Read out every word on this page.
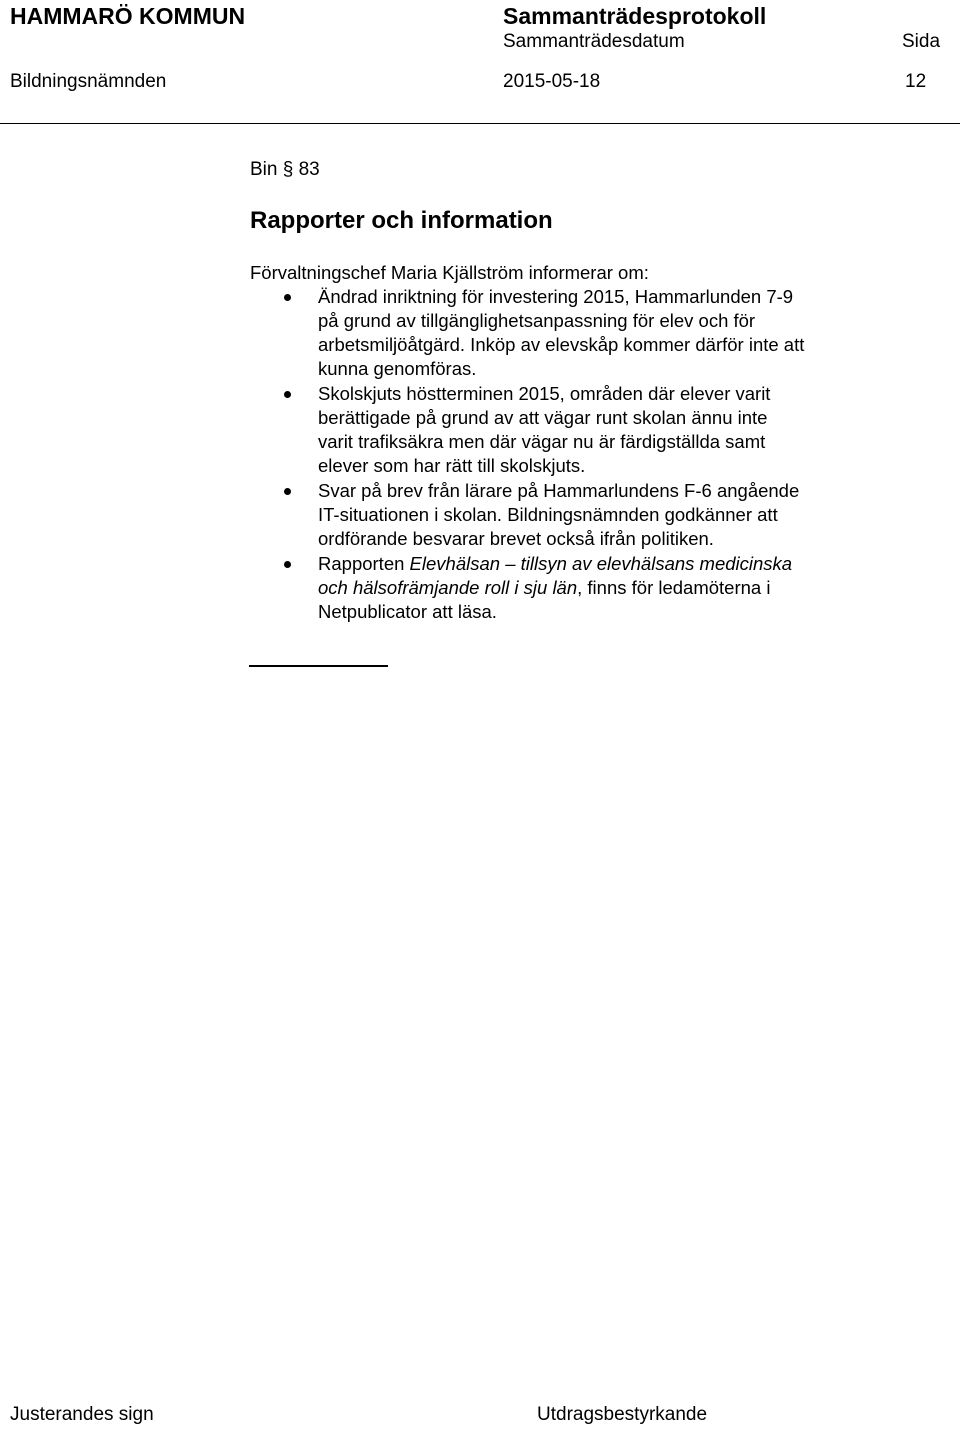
HAMMARÖ KOMMUN	Sammanträdesprotokoll
Sammanträdesdatum	Sida
Bildningsnämnden	2015-05-18	12
Bin § 83
Rapporter och information
Förvaltningschef Maria Kjällström informerar om:
Ändrad inriktning för investering 2015, Hammarlunden 7-9
på grund av tillgänglighetsanpassning för elev och för
arbetsmiljöåtgärd. Inköp av elevskåp kommer därför inte att
kunna genomföras.
Skolskjuts höstterminen 2015, områden där elever varit
berättigade på grund av att vägar runt skolan ännu inte
varit trafiksäkra men där vägar nu är färdigställda samt
elever som har rätt till skolskjuts.
Svar på brev från lärare på Hammarlundens F-6 angående
IT-situationen i skolan. Bildningsnämnden godkänner att
ordförande besvarar brevet också ifrån politiken.
Rapporten Elevhälsan – tillsyn av elevhälsans medicinska
och hälsofrämjande roll i sju län, finns för ledamöterna i
Netpublicator att läsa.
Justerandes sign	Utdragsbestyrkande
